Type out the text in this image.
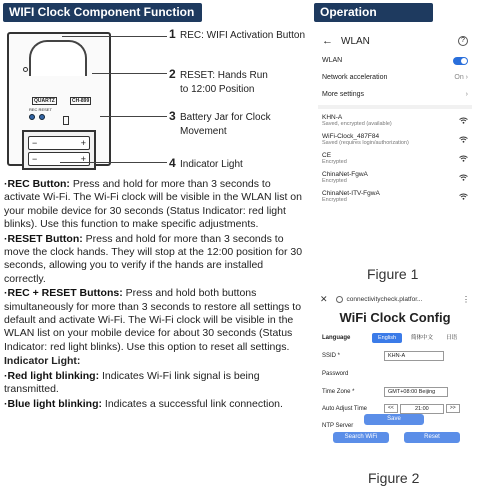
WIFI Clock Component Function	Operation
QUARTZ	CH-899
REC RESET
− +
− +
1 REC: WIFI Activation Button
2 RESET: Hands Run to 12:00 Position
3 Battery Jar for Clock Movement
4 Indicator Light

·REC Button: Press and hold for more than 3 seconds to activate Wi-Fi. The Wi-Fi clock will be visible in the WLAN list on your mobile device for 30 seconds (Status Indicator: red light blinks). Use this function to make specific adjustments.

·RESET Button: Press and hold for more than 3 seconds to move the clock hands. They will stop at the 12:00 position for 30 seconds, allowing you to verify if the hands are installed correctly.

·REC + RESET Buttons: Press and hold both buttons simultaneously for more than 3 seconds to restore all settings to default and activate Wi-Fi. The Wi-Fi clock will be visible in the WLAN list on your mobile device for about 30 seconds (Status Indicator: red light blinks). Use this option to reset all settings.

Indicator Light:

·Red light blinking: Indicates Wi-Fi link signal is being transmitted.

·Blue light blinking: Indicates a successful link connection.

← WLAN	?
WLAN
Network acceleration	On ›
More settings	›
KHN-A
Saved, encrypted (available)
WiFi-Clock_487F84
Saved (requires login/authorization)
CE
Encrypted
ChinaNet-FgwA
Encrypted
ChinaNet-ITV-FgwA
Encrypted
Figure 1
✕	connectivitycheck.platfor...	⋮
WiFi Clock Config
Language	English	简体中文	日语
SSID *	KHN-A
Password
Time Zone *	GMT+08:00 Beijing
Auto Adjust Time	<<	21:00	>>
NTP Server
Save
Search WiFi	Reset
Figure 2
